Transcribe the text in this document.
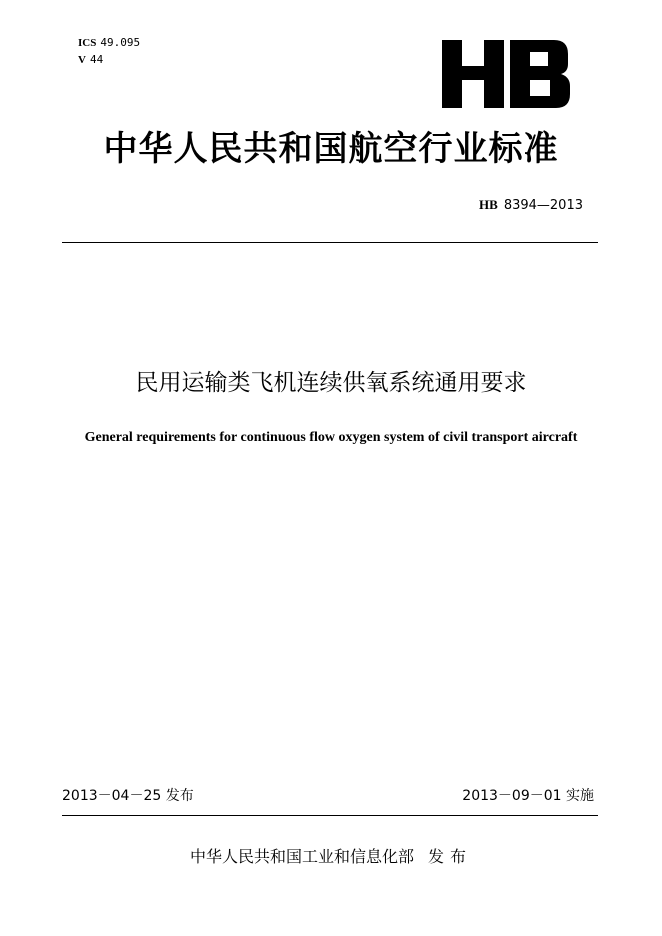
ICS 49.095
V 44
中华人民共和国航空行业标准
HB 8394—2013
民用运输类飞机连续供氧系统通用要求
General requirements for continuous flow oxygen system of civil transport aircraft
2013－04－25 发布	2013－09－01 实施
中华人民共和国工业和信息化部 发布
